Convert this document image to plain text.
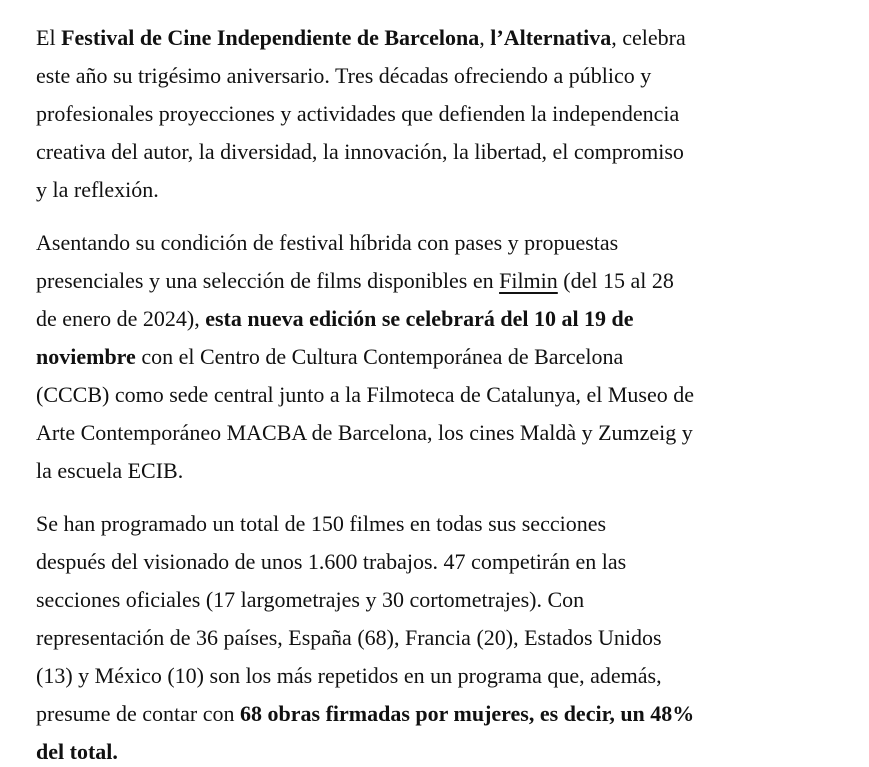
El Festival de Cine Independiente de Barcelona, l’Alternativa, celebra
este año su trigésimo aniversario. Tres décadas ofreciendo a público y
profesionales proyecciones y actividades que defienden la independencia
creativa del autor, la diversidad, la innovación, la libertad, el compromiso
y la reflexión.

Asentando su condición de festival híbrida con pases y propuestas
presenciales y una selección de films disponibles en Filmin (del 15 al 28
de enero de 2024), esta nueva edición se celebrará del 10 al 19 de
noviembre con el Centro de Cultura Contemporánea de Barcelona
(CCCB) como sede central junto a la Filmoteca de Catalunya, el Museo de
Arte Contemporáneo MACBA de Barcelona, los cines Maldà y Zumzeig y
la escuela ECIB.

Se han programado un total de 150 filmes en todas sus secciones
después del visionado de unos 1.600 trabajos. 47 competirán en las
secciones oficiales (17 largometrajes y 30 cortometrajes). Con
representación de 36 países, España (68), Francia (20), Estados Unidos
(13) y México (10) son los más repetidos en un programa que, además,
presume de contar con 68 obras firmadas por mujeres, es decir, un 48%
del total.
